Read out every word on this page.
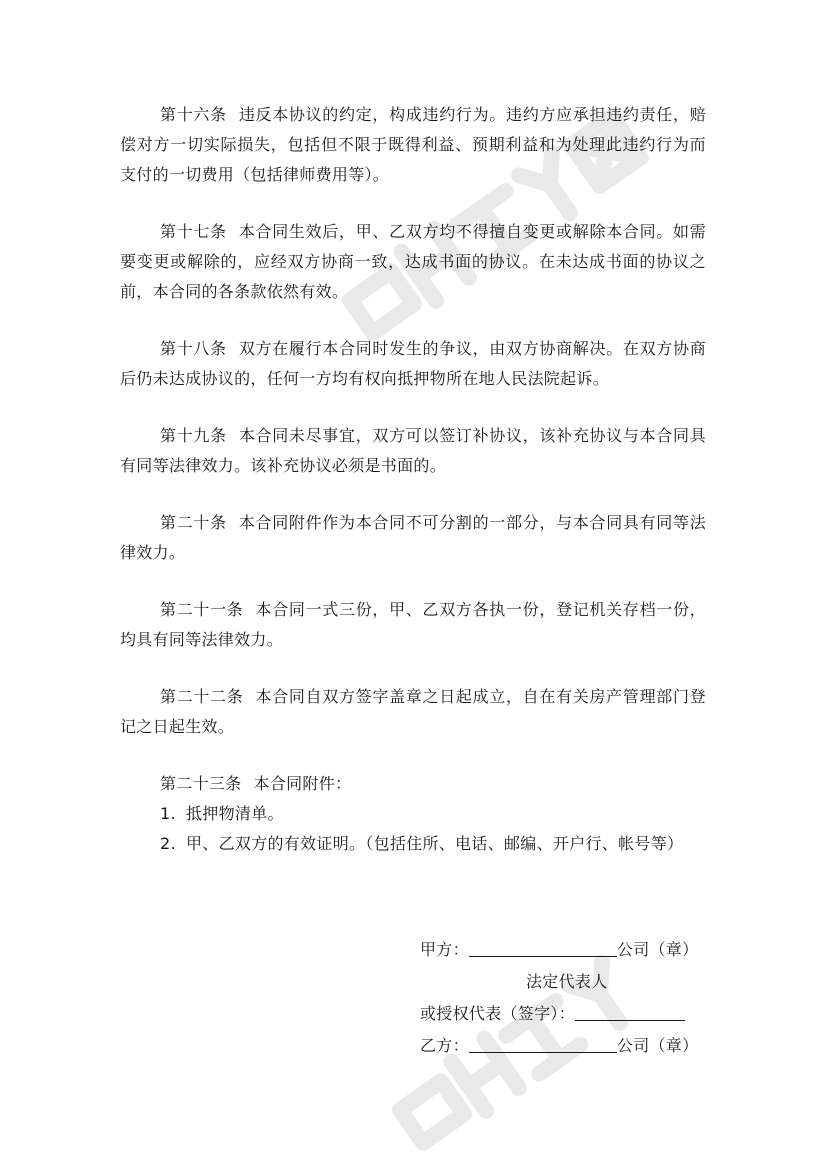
第十六条 违反本协议的约定，构成违约行为。违约方应承担违约责任，赔偿对方一切实际损失，包括但不限于既得利益、预期利益和为处理此违约行为而支付的一切费用（包括律师费用等）。

第十七条 本合同生效后，甲、乙双方均不得擅自变更或解除本合同。如需要变更或解除的，应经双方协商一致，达成书面的协议。在未达成书面的协议之前，本合同的各条款依然有效。

第十八条 双方在履行本合同时发生的争议，由双方协商解决。在双方协商后仍未达成协议的，任何一方均有权向抵押物所在地人民法院起诉。

第十九条 本合同未尽事宜，双方可以签订补协议，该补充协议与本合同具有同等法律效力。该补充协议必须是书面的。

第二十条 本合同附件作为本合同不可分割的一部分，与本合同具有同等法律效力。

第二十一条 本合同一式三份，甲、乙双方各执一份，登记机关存档一份，均具有同等法律效力。

第二十二条 本合同自双方签字盖章之日起成立，自在有关房产管理部门登记之日起生效。

第二十三条 本合同附件：

1. 抵押物清单。

2. 甲、乙双方的有效证明。（包括住所、电话、邮编、开户行、帐号等）

甲方：	公司（章）
法定代表人
或授权代表（签字）：
乙方：	公司（章）
